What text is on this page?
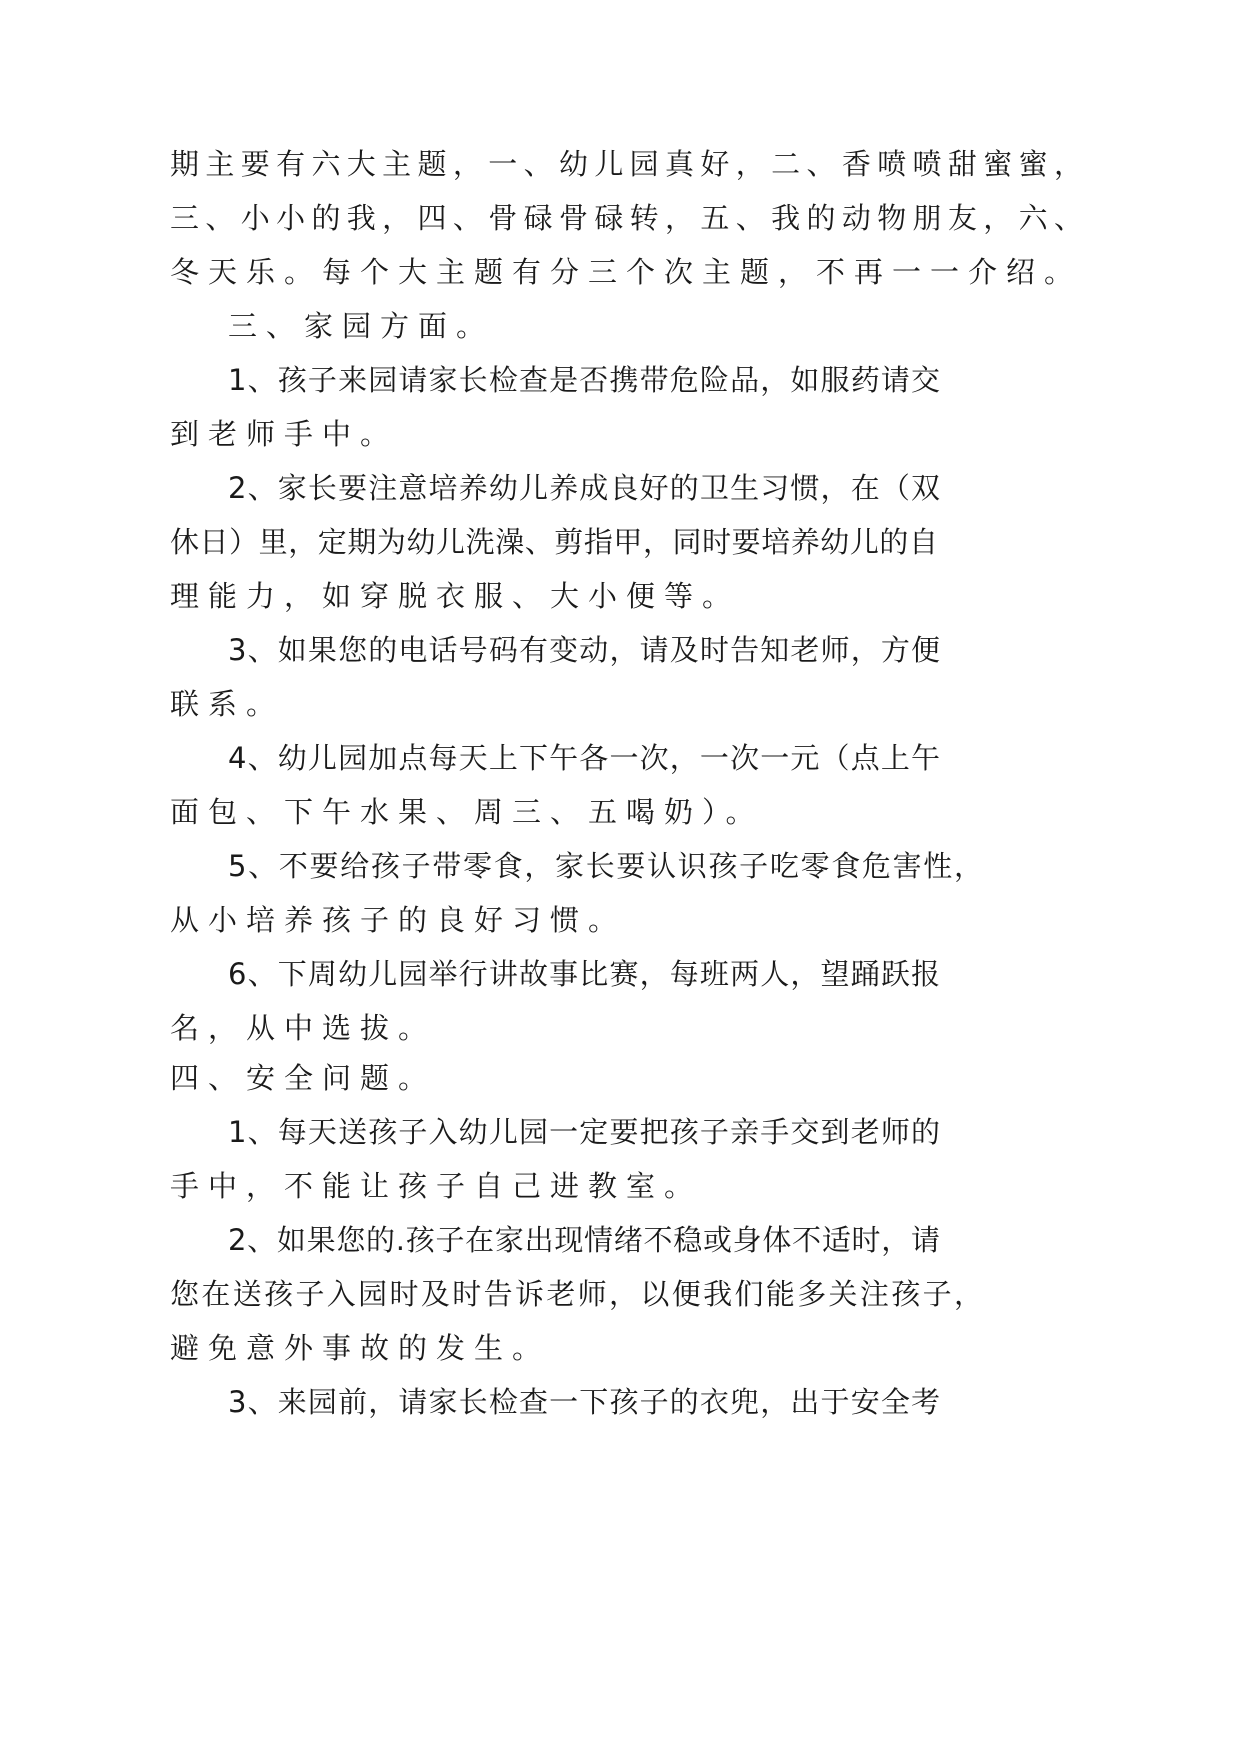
期主要有六大主题，一、幼儿园真好，二、香喷喷甜蜜蜜，
三、小小的我，四、骨碌骨碌转，五、我的动物朋友，六、
冬天乐。每个大主题有分三个次主题，不再一一介绍。
三、家园方面。
1、孩子来园请家长检查是否携带危险品，如服药请交
到老师手中。
2、家长要注意培养幼儿养成良好的卫生习惯，在（双
休日）里，定期为幼儿洗澡、剪指甲，同时要培养幼儿的自
理能力，如穿脱衣服、大小便等。
3、如果您的电话号码有变动，请及时告知老师，方便
联系。
4、幼儿园加点每天上下午各一次，一次一元（点上午
面包、下午水果、周三、五喝奶）。
5、不要给孩子带零食，家长要认识孩子吃零食危害性，
从小培养孩子的良好习惯。
6、下周幼儿园举行讲故事比赛，每班两人，望踊跃报
名，从中选拔。
四、安全问题。
1、每天送孩子入幼儿园一定要把孩子亲手交到老师的
手中，不能让孩子自己进教室。
2、如果您的.孩子在家出现情绪不稳或身体不适时，请
您在送孩子入园时及时告诉老师，以便我们能多关注孩子，
避免意外事故的发生。
3、来园前，请家长检查一下孩子的衣兜，出于安全考
